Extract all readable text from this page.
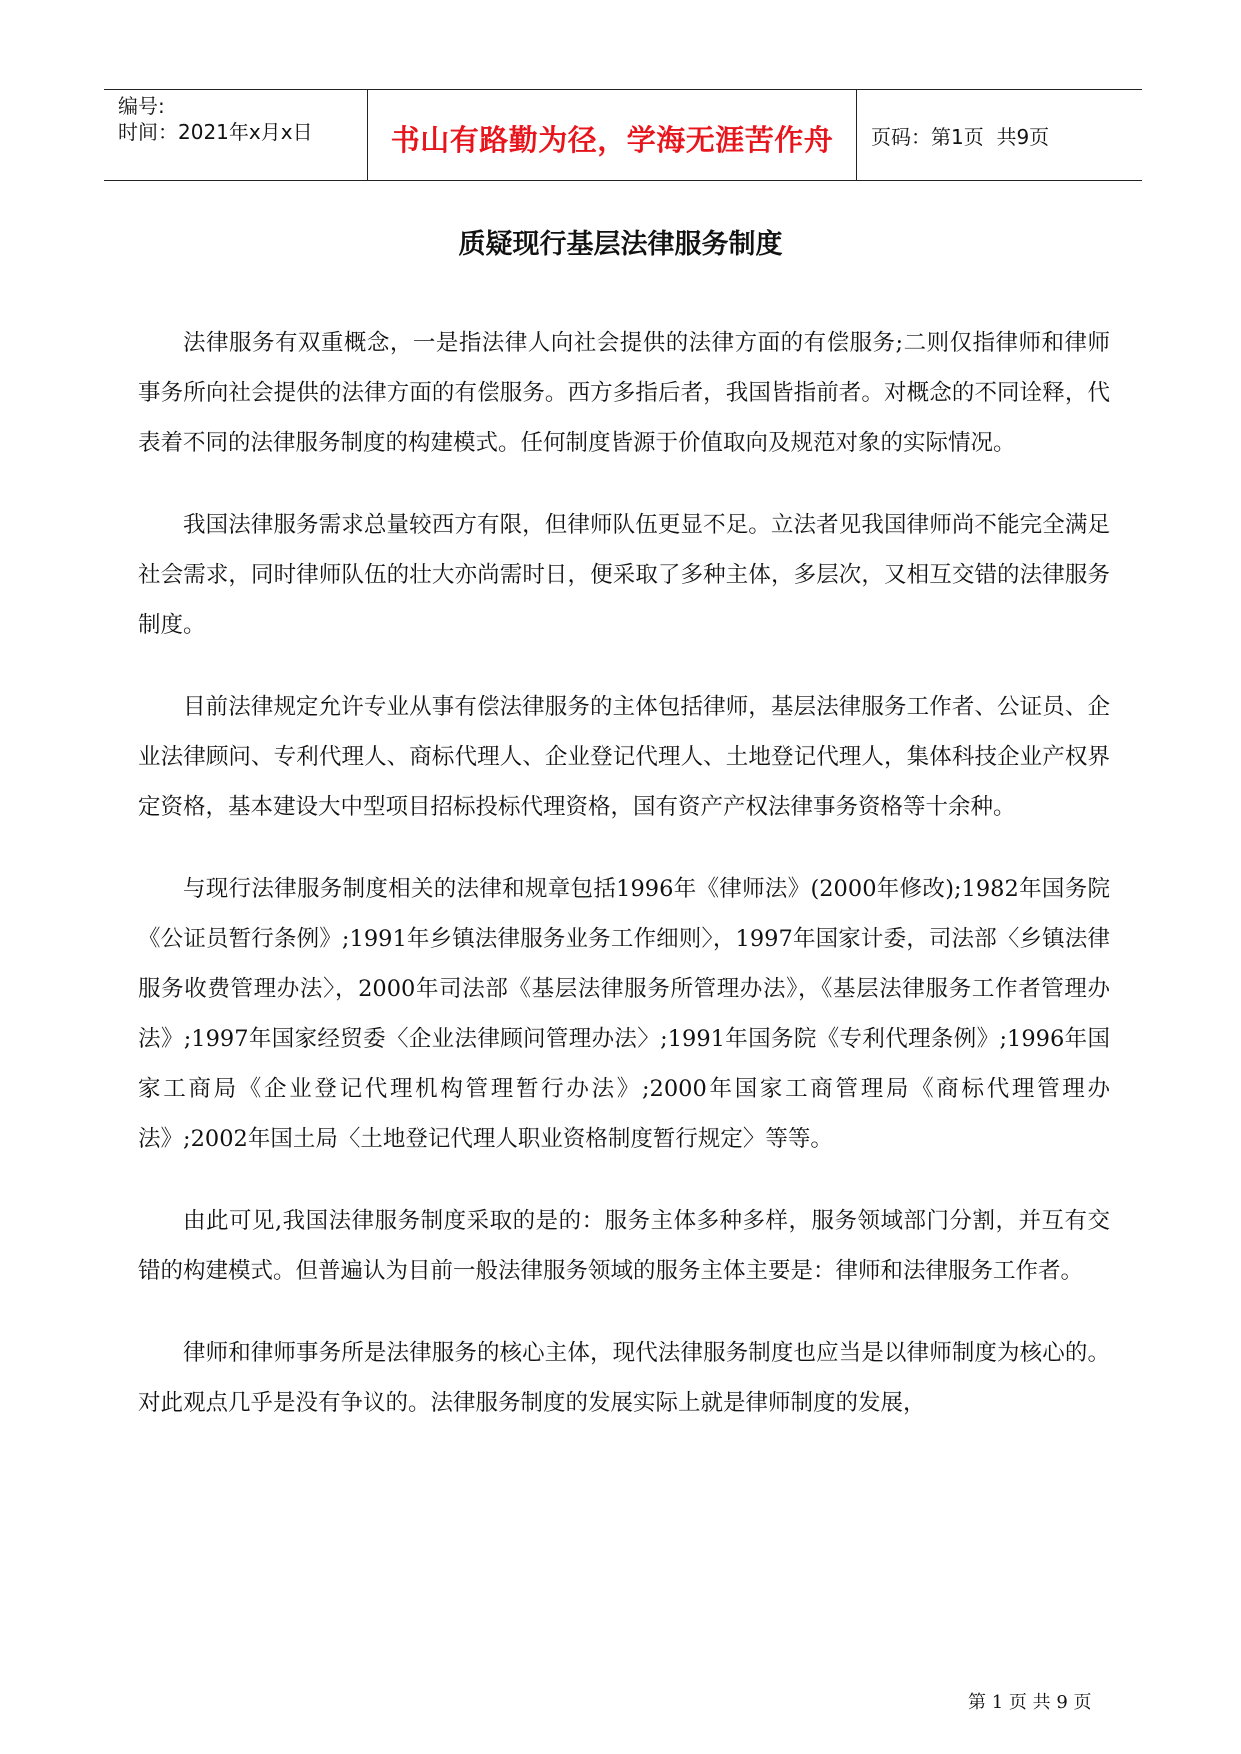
编号:
时间：2021年x月x日	书山有路勤为径，学海无涯苦作舟 页码：第1页  共9页
质疑现行基层法律服务制度

法律服务有双重概念，一是指法律人向社会提供的法律方面的有偿服务;二则仅指律师和律师事务所向社会提供的法律方面的有偿服务。西方多指后者，我国皆指前者。对概念的不同诠释，代表着不同的法律服务制度的构建模式。任何制度皆源于价值取向及规范对象的实际情况。

我国法律服务需求总量较西方有限，但律师队伍更显不足。立法者见我国律师尚不能完全满足社会需求，同时律师队伍的壮大亦尚需时日，便采取了多种主体，多层次，又相互交错的法律服务制度。

目前法律规定允许专业从事有偿法律服务的主体包括律师，基层法律服务工作者、公证员、企业法律顾问、专利代理人、商标代理人、企业登记代理人、土地登记代理人，集体科技企业产权界定资格，基本建设大中型项目招标投标代理资格，国有资产产权法律事务资格等十余种。

与现行法律服务制度相关的法律和规章包括1996年《律师法》(2000年修改);1982年国务院《公证员暂行条例》;1991年乡镇法律服务业务工作细则〉，1997年国家计委，司法部〈乡镇法律服务收费管理办法〉，2000年司法部《基层法律服务所管理办法》，《基层法律服务工作者管理办法》;1997年国家经贸委〈企业法律顾问管理办法〉;1991年国务院《专利代理条例》;1996年国家工商局《企业登记代理机构管理暂行办法》;2000年国家工商管理局《商标代理管理办法》;2002年国土局〈土地登记代理人职业资格制度暂行规定〉等等。

由此可见,我国法律服务制度采取的是的：服务主体多种多样，服务领域部门分割，并互有交错的构建模式。但普遍认为目前一般法律服务领域的服务主体主要是：律师和法律服务工作者。

律师和律师事务所是法律服务的核心主体，现代法律服务制度也应当是以律师制度为核心的。对此观点几乎是没有争议的。法律服务制度的发展实际上就是律师制度的发展，

第 1 页 共 9 页
